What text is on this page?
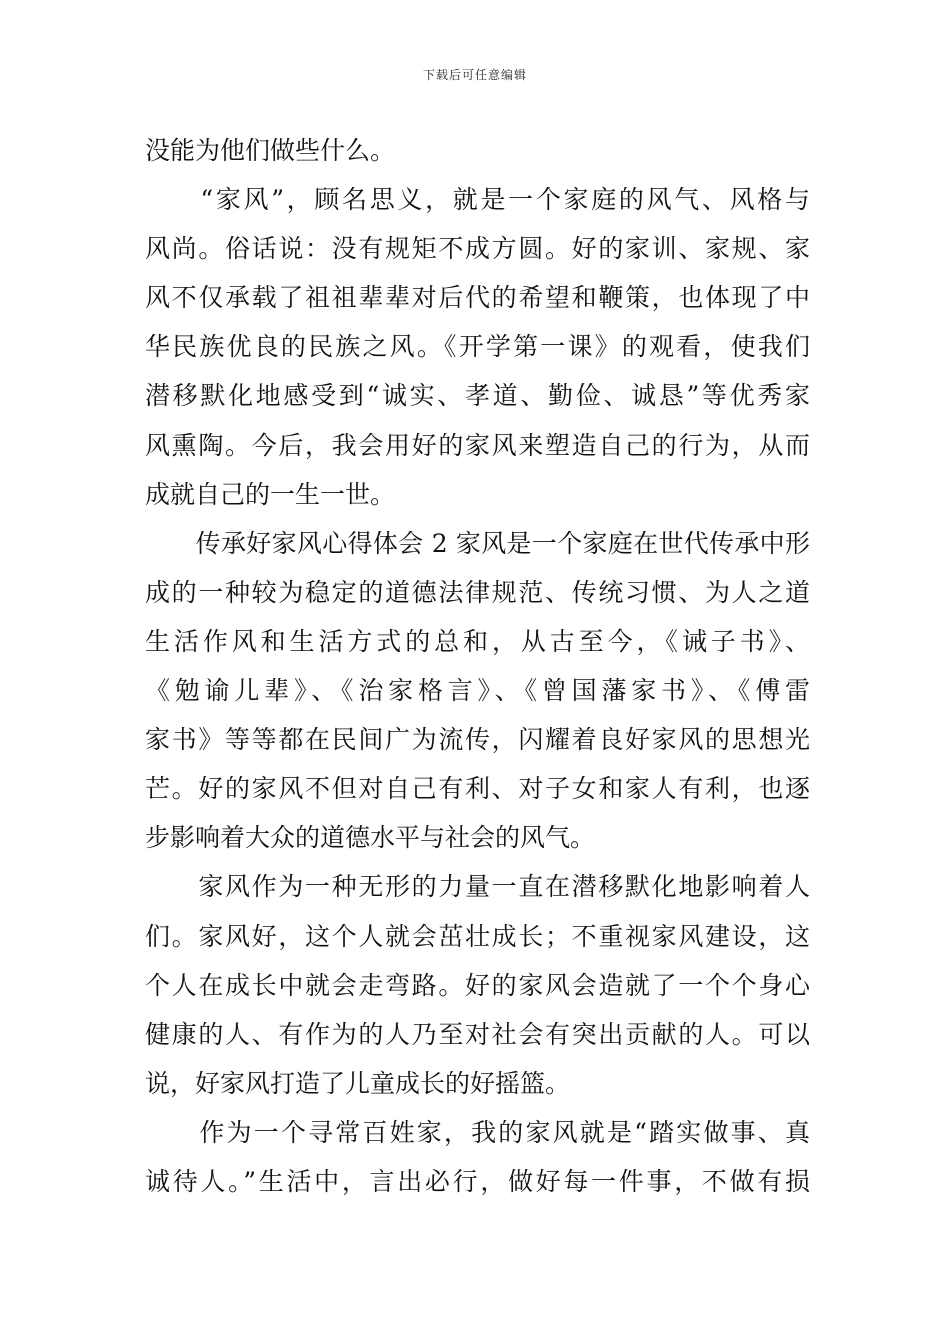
下载后可任意编辑
没能为他们做些什么。
　　“家风”，顾名思义，就是一个家庭的风气、风格与
风尚。俗话说：没有规矩不成方圆。好的家训、家规、家
风不仅承载了祖祖辈辈对后代的希望和鞭策，也体现了中
华民族优良的民族之风。《开学第一课》的观看，使我们
潜移默化地感受到“诚实、孝道、勤俭、诚恳”等优秀家
风熏陶。今后，我会用好的家风来塑造自己的行为，从而
成就自己的一生一世。
　　传承好家风心得体会 2 家风是一个家庭在世代传承中形
成的一种较为稳定的道德法律规范、传统习惯、为人之道
生活作风和生活方式的总和，从古至今，《诫子书》、
《勉谕儿辈》、《治家格言》、《曾国藩家书》、《傅雷
家书》等等都在民间广为流传，闪耀着良好家风的思想光
芒。好的家风不但对自己有利、对子女和家人有利，也逐
步影响着大众的道德水平与社会的风气。
　　家风作为一种无形的力量一直在潜移默化地影响着人
们。家风好，这个人就会茁壮成长；不重视家风建设，这
个人在成长中就会走弯路。好的家风会造就了一个个身心
健康的人、有作为的人乃至对社会有突出贡献的人。可以
说，好家风打造了儿童成长的好摇篮。
　　作为一个寻常百姓家，我的家风就是“踏实做事、真
诚待人。”生活中，言出必行，做好每一件事，不做有损
